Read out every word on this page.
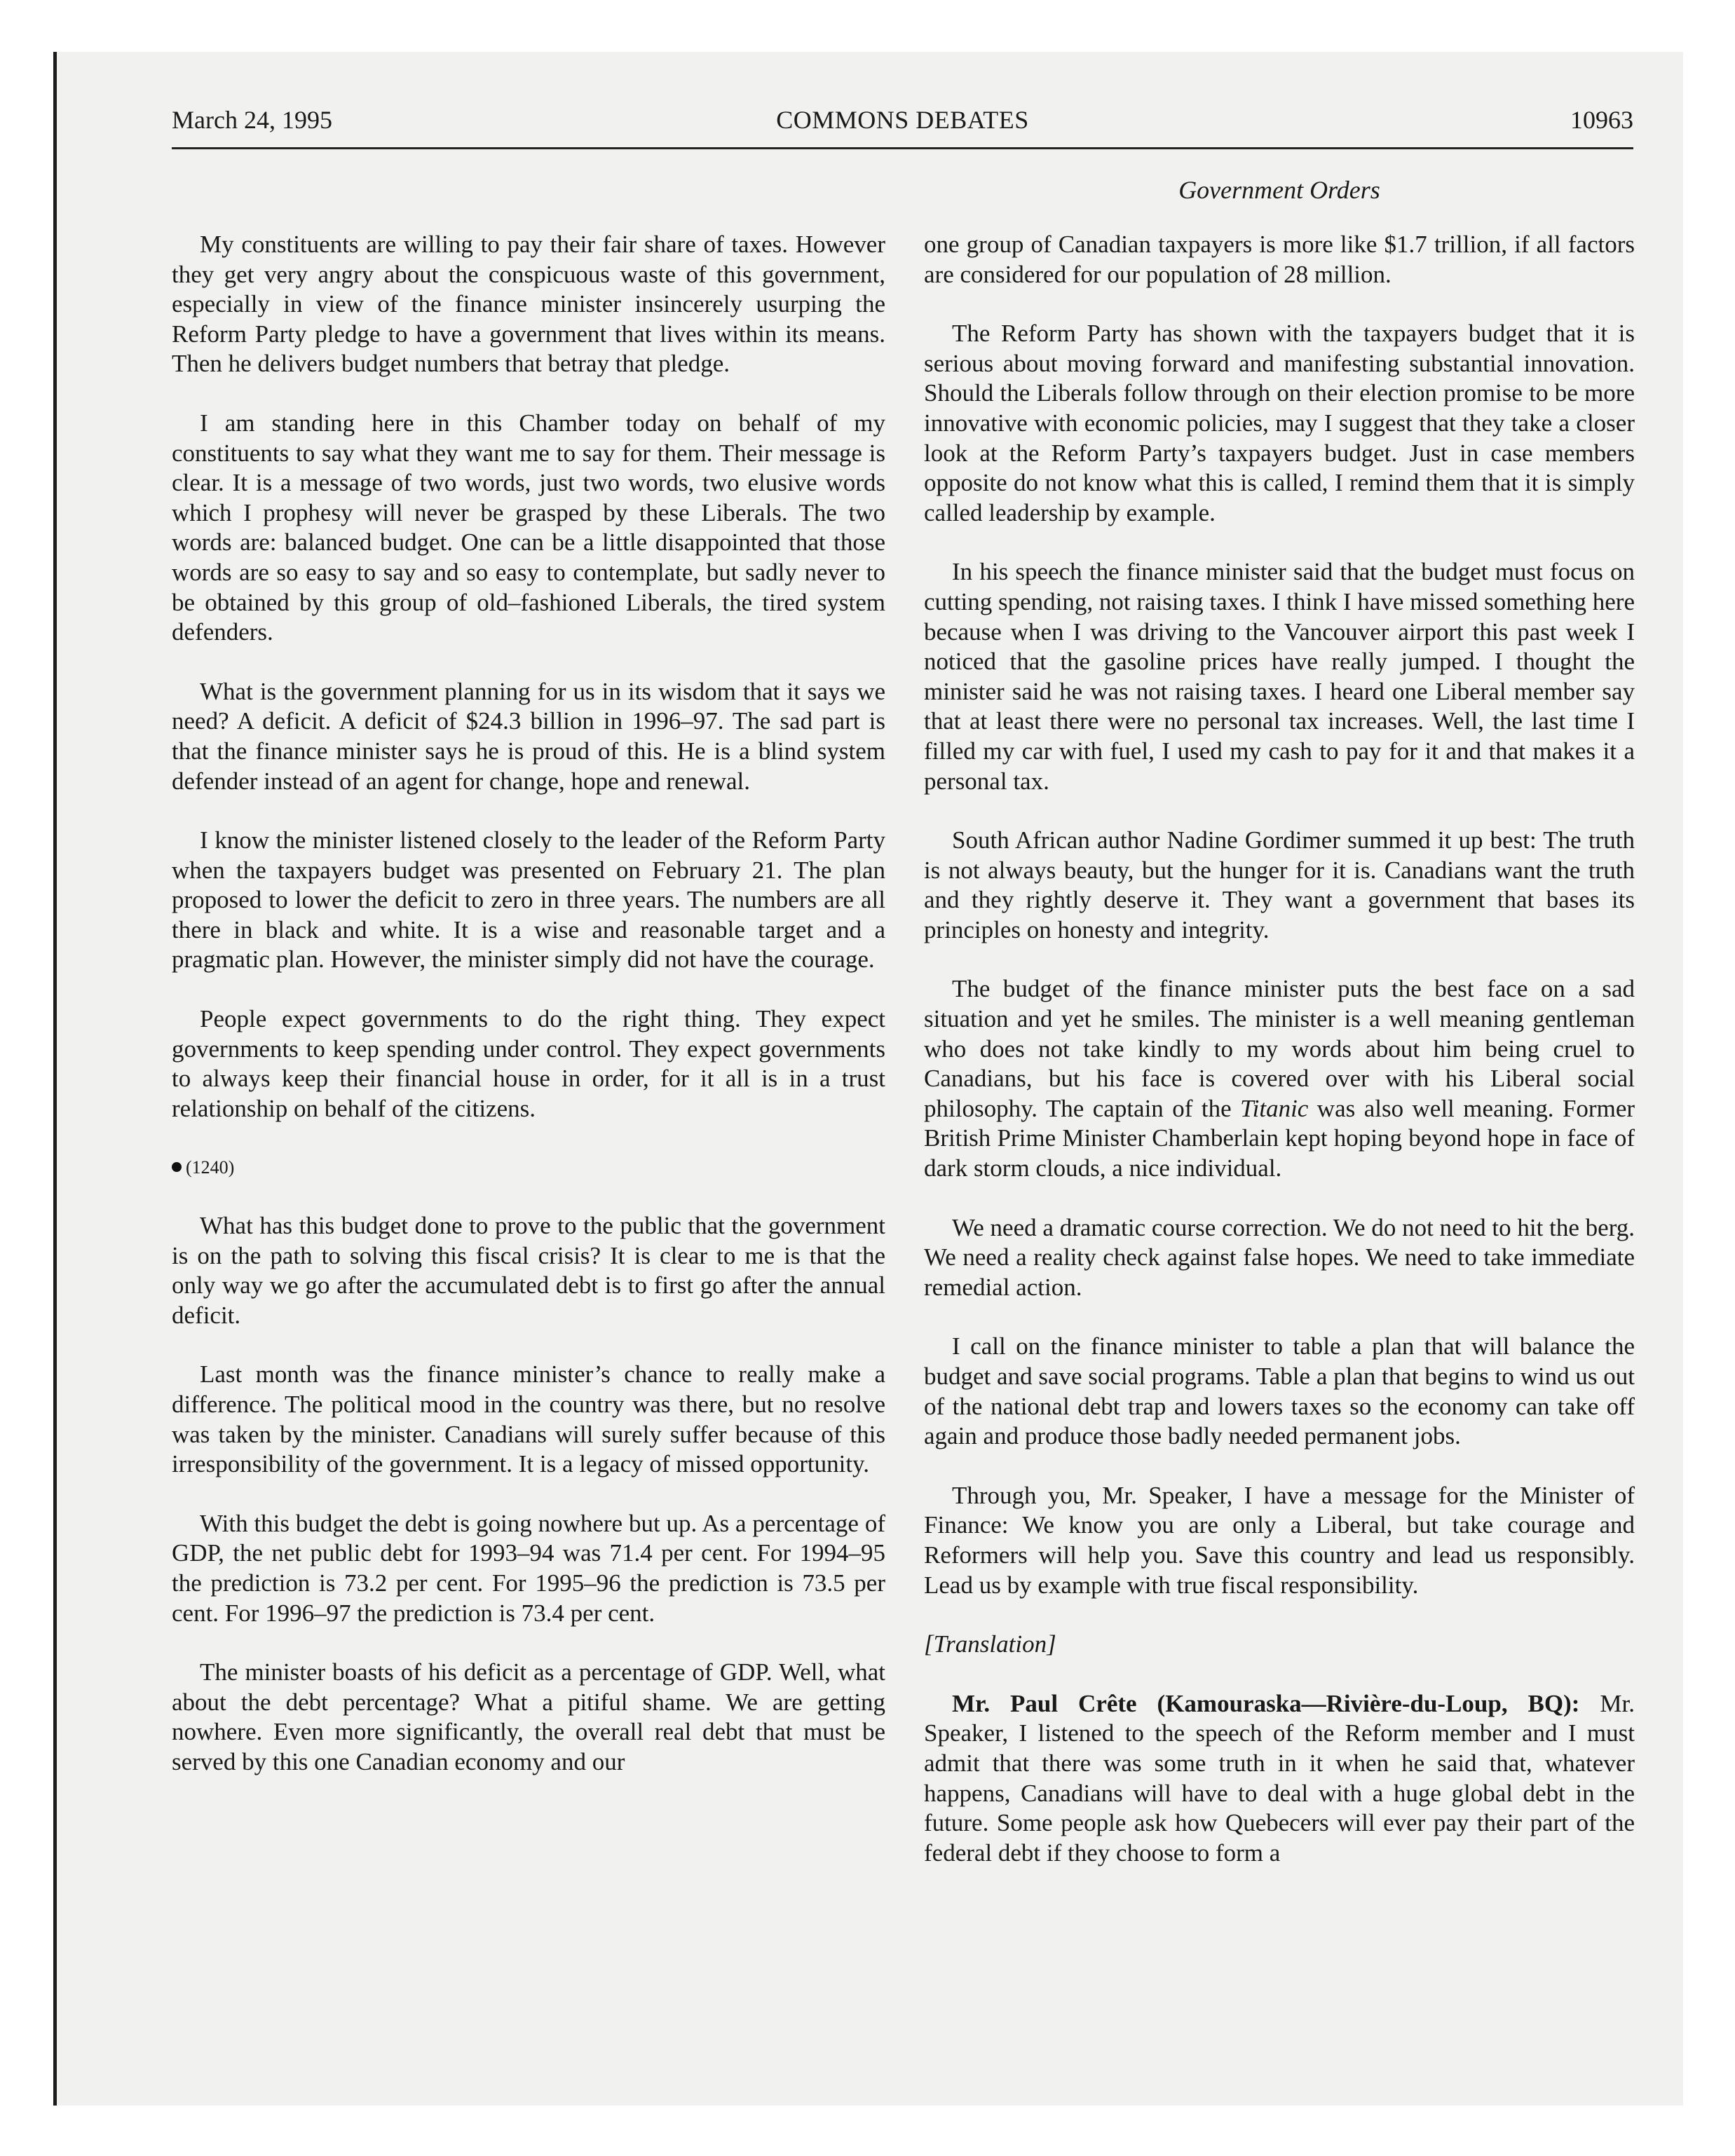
March 24, 1995	COMMONS DEBATES	10963
Government Orders

My constituents are willing to pay their fair share of taxes. However they get very angry about the conspicuous waste of this government, especially in view of the finance minister insincerely usurping the Reform Party pledge to have a government that lives within its means. Then he delivers budget numbers that betray that pledge.

I am standing here in this Chamber today on behalf of my constituents to say what they want me to say for them. Their message is clear. It is a message of two words, just two words, two elusive words which I prophesy will never be grasped by these Liberals. The two words are: balanced budget. One can be a little disappointed that those words are so easy to say and so easy to contemplate, but sadly never to be obtained by this group of old–fashioned Liberals, the tired system defenders.

What is the government planning for us in its wisdom that it says we need? A deficit. A deficit of $24.3 billion in 1996–97. The sad part is that the finance minister says he is proud of this. He is a blind system defender instead of an agent for change, hope and renewal.

I know the minister listened closely to the leader of the Reform Party when the taxpayers budget was presented on February 21. The plan proposed to lower the deficit to zero in three years. The numbers are all there in black and white. It is a wise and reasonable target and a pragmatic plan. However, the minister simply did not have the courage.

People expect governments to do the right thing. They expect governments to keep spending under control. They expect governments to always keep their financial house in order, for it all is in a trust relationship on behalf of the citizens.

(1240)

What has this budget done to prove to the public that the government is on the path to solving this fiscal crisis? It is clear to me is that the only way we go after the accumulated debt is to first go after the annual deficit.

Last month was the finance minister’s chance to really make a difference. The political mood in the country was there, but no resolve was taken by the minister. Canadians will surely suffer because of this irresponsibility of the government. It is a legacy of missed opportunity.

With this budget the debt is going nowhere but up. As a percentage of GDP, the net public debt for 1993–94 was 71.4 per cent. For 1994–95 the prediction is 73.2 per cent. For 1995–96 the prediction is 73.5 per cent. For 1996–97 the prediction is 73.4 per cent.

The minister boasts of his deficit as a percentage of GDP. Well, what about the debt percentage? What a pitiful shame. We are getting nowhere. Even more significantly, the overall real debt that must be served by this one Canadian economy and our

one group of Canadian taxpayers is more like $1.7 trillion, if all factors are considered for our population of 28 million.

The Reform Party has shown with the taxpayers budget that it is serious about moving forward and manifesting substantial innovation. Should the Liberals follow through on their election promise to be more innovative with economic policies, may I suggest that they take a closer look at the Reform Party’s taxpayers budget. Just in case members opposite do not know what this is called, I remind them that it is simply called leadership by example.

In his speech the finance minister said that the budget must focus on cutting spending, not raising taxes. I think I have missed something here because when I was driving to the Vancouver airport this past week I noticed that the gasoline prices have really jumped. I thought the minister said he was not raising taxes. I heard one Liberal member say that at least there were no personal tax increases. Well, the last time I filled my car with fuel, I used my cash to pay for it and that makes it a personal tax.

South African author Nadine Gordimer summed it up best: The truth is not always beauty, but the hunger for it is. Canadians want the truth and they rightly deserve it. They want a government that bases its principles on honesty and integrity.

The budget of the finance minister puts the best face on a sad situation and yet he smiles. The minister is a well meaning gentleman who does not take kindly to my words about him being cruel to Canadians, but his face is covered over with his Liberal social philosophy. The captain of the Titanic was also well meaning. Former British Prime Minister Chamberlain kept hoping beyond hope in face of dark storm clouds, a nice individual.

We need a dramatic course correction. We do not need to hit the berg. We need a reality check against false hopes. We need to take immediate remedial action.

I call on the finance minister to table a plan that will balance the budget and save social programs. Table a plan that begins to wind us out of the national debt trap and lowers taxes so the economy can take off again and produce those badly needed permanent jobs.

Through you, Mr. Speaker, I have a message for the Minister of Finance: We know you are only a Liberal, but take courage and Reformers will help you. Save this country and lead us responsibly. Lead us by example with true fiscal responsibility.

[Translation]

Mr. Paul Crête (Kamouraska—Rivière-du-Loup, BQ): Mr. Speaker, I listened to the speech of the Reform member and I must admit that there was some truth in it when he said that, whatever happens, Canadians will have to deal with a huge global debt in the future. Some people ask how Quebecers will ever pay their part of the federal debt if they choose to form a
